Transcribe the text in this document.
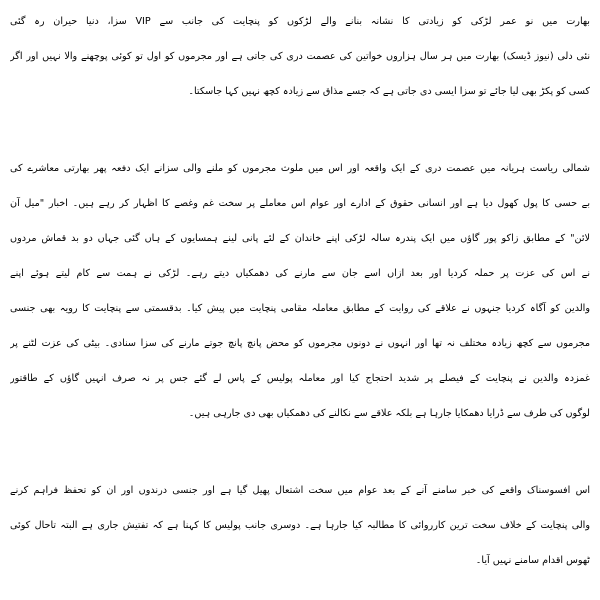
بھارت میں نو عمر لڑکی کو زیادتی کا نشانہ بنانے والے لڑکوں کو پنچایت کی جانب سے VIP سزا، دنیا حیران رہ گئی
نئی دلی (نیوز ڈیسک) بھارت میں ہر سال ہزاروں خواتین کی عصمت دری کی جاتی ہے اور مجرموں کو اول تو کوئی پوچھنے والا نہیں اور اگر
کسی کو پکڑ بھی لیا جائے تو سزا ایسی دی جاتی ہے کہ جسے مذاق سے زیادہ کچھ نہیں کہا جاسکتا۔
شمالی ریاست ہریانہ میں عصمت دری کے ایک واقعہ اور اس میں ملوث مجرموں کو ملنے والی سزانے ایک دفعہ پھر بھارتی معاشرے کی
بے حسی کا پول کھول دیا ہے اور انسانی حقوق کے ادارے اور عوام اس معاملے پر سخت غم وغصے کا اظہار کر رہے ہیں۔ اخبار "میل آن
لائن" کے مطابق زاکو پور گاؤں میں ایک پندرہ سالہ لڑکی اپنے خاندان کے لئے پانی لینے ہمسایوں کے ہاں گئی جہاں دو بد قماش مردوں
نے اس کی عزت پر حملہ کردیا اور بعد ازاں اسے جان سے مارنے کی دھمکیاں دیتے رہے۔ لڑکی نے ہمت سے کام لیتے ہوئے اپنے
والدین کو آگاہ کردیا جنہوں نے علاقے کی روایت کے مطابق معاملہ مقامی پنچایت میں پیش کیا۔ بدقسمتی سے پنچایت کا رویہ بھی جنسی
مجرموں سے کچھ زیادہ مختلف نہ تھا اور انہوں نے دونوں مجرموں کو محض پانچ پانچ جوتے مارنے کی سزا سنادی۔ بیٹی کی عزت لٹنے پر
غمزدہ والدین نے پنچایت کے فیصلے پر شدید احتجاج کیا اور معاملہ پولیس کے پاس لے گئے جس پر نہ صرف انہیں گاؤں کے طاقتور
لوگوں کی طرف سے ڈرایا دھمکایا جارہا ہے بلکہ علاقے سے نکالنے کی دھمکیاں بھی دی جارہی ہیں۔
اس افسوسناک واقعے کی خبر سامنے آنے کے بعد عوام میں سخت اشتعال پھیل گیا ہے اور جنسی درندوں اور ان کو تحفظ فراہم کرنے
والی پنچایت کے خلاف سخت ترین کارروائی کا مطالبہ کیا جارہا ہے۔ دوسری جانب پولیس کا کہنا ہے کہ تفتیش جاری ہے البتہ تاحال کوئی
ٹھوس اقدام سامنے نہیں آیا۔
